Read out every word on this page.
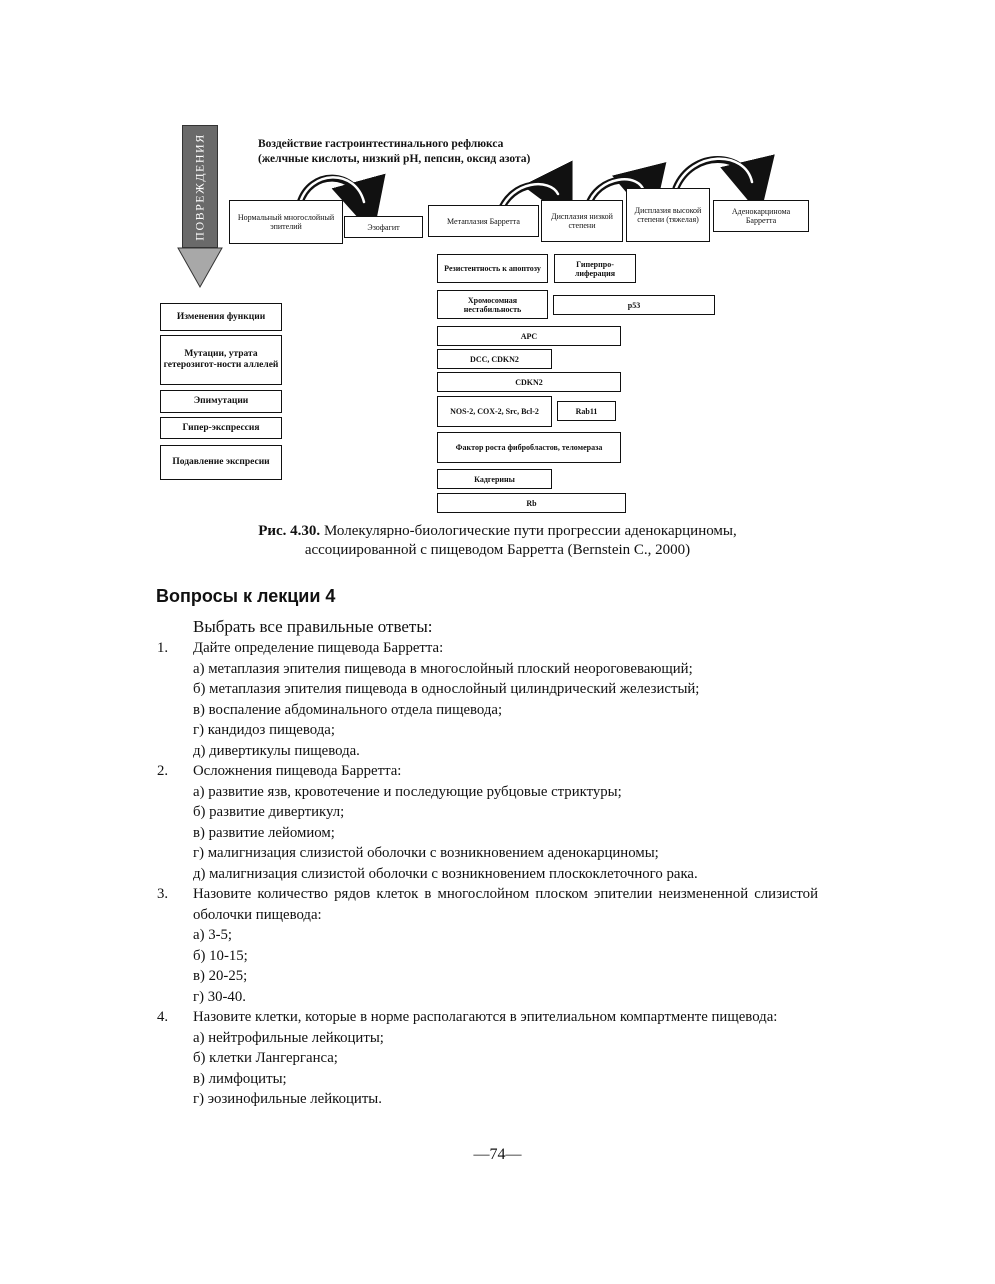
Воздействие гастроинтестинального рефлюкса
(желчные кислоты, низкий pH, пепсин, оксид азота)
ПОВРЕЖДЕНИЯ	Нормальный многослойный эпителий	Эзофагит
Метаплазия Барретта	Дисплазия низкой степени
Дисплазия высокой степени (тяжелая)
Аденокарцинома Барретта
Изменения функции
Мутации, утрата гетерозигот-ности аллелей
Эпимутации
Гипер-экспрессия
Подавление экспресии
Резистентность к апоптозу	Гиперпро-лиферация
Хромосомная нестабильность	p53
APC
DCC, CDKN2
CDKN2
NOS-2, COX-2, Src, Bcl-2	Rab11
Фактор роста фибробластов, теломераза
Кадгерины
Rb
Рис. 4.30. Молекулярно-биологические пути прогрессии аденокарциномы,
ассоциированной с пищеводом Барретта (Bernstein C., 2000)
Вопросы к лекции 4
Выбрать все правильные ответы:
1. Дайте определение пищевода Барретта:
а) метаплазия эпителия пищевода в многослойный плоский неороговевающий;
б) метаплазия эпителия пищевода в однослойный цилиндрический железистый;
в) воспаление абдоминального отдела пищевода;
г) кандидоз пищевода;
д) дивертикулы пищевода.
2. Осложнения пищевода Барретта:
а) развитие язв, кровотечение и последующие рубцовые стриктуры;
б) развитие дивертикул;
в) развитие лейомиом;
г) малигнизация слизистой оболочки с возникновением аденокарциномы;
д) малигнизация слизистой оболочки с возникновением плоскоклеточного рака.
3. Назовите количество рядов клеток в многослойном плоском эпителии неизмененной слизистой оболочки пищевода:
а) 3-5;
б) 10-15;
в) 20-25;
г) 30-40.
4. Назовите клетки, которые в норме располагаются в эпителиальном компартменте пищевода:
а) нейтрофильные лейкоциты;
б) клетки Лангерганса;
в) лимфоциты;
г) эозинофильные лейкоциты.
—74—
